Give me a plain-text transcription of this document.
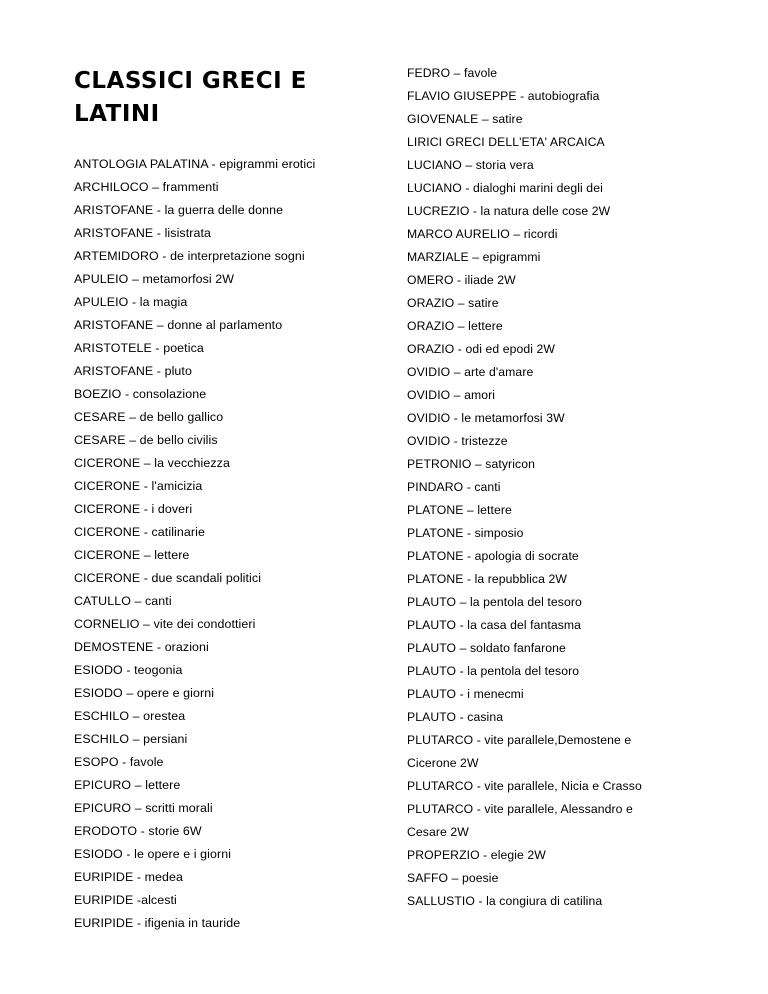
CLASSICI GRECI E LATINI
ANTOLOGIA PALATINA - epigrammi erotici
ARCHILOCO – frammenti
ARISTOFANE - la guerra delle donne
ARISTOFANE - lisistrata
ARTEMIDORO - de interpretazione sogni
APULEIO – metamorfosi 2W
APULEIO - la magia
ARISTOFANE – donne al parlamento
ARISTOTELE - poetica
ARISTOFANE - pluto
BOEZIO - consolazione
CESARE – de bello gallico
CESARE – de bello civilis
CICERONE – la vecchiezza
CICERONE - l'amicizia
CICERONE - i doveri
CICERONE - catilinarie
CICERONE – lettere
CICERONE - due scandali politici
CATULLO – canti
CORNELIO – vite dei condottieri
DEMOSTENE - orazioni
ESIODO - teogonia
ESIODO – opere e giorni
ESCHILO – orestea
ESCHILO – persiani
ESOPO - favole
EPICURO – lettere
EPICURO – scritti morali
ERODOTO - storie 6W
ESIODO - le opere e i giorni
EURIPIDE - medea
EURIPIDE -alcesti
EURIPIDE - ifigenia in tauride
FEDRO – favole
FLAVIO GIUSEPPE - autobiografia
GIOVENALE – satire
LIRICI GRECI DELL'ETA' ARCAICA
LUCIANO – storia vera
LUCIANO - dialoghi marini degli dei
LUCREZIO - la natura delle cose 2W
MARCO AURELIO – ricordi
MARZIALE – epigrammi
OMERO - iliade 2W
ORAZIO – satire
ORAZIO – lettere
ORAZIO - odi ed epodi 2W
OVIDIO – arte d'amare
OVIDIO – amori
OVIDIO - le metamorfosi 3W
OVIDIO - tristezze
PETRONIO – satyricon
PINDARO - canti
PLATONE – lettere
PLATONE - simposio
PLATONE - apologia di socrate
PLATONE - la repubblica 2W
PLAUTO – la pentola del tesoro
PLAUTO - la casa del fantasma
PLAUTO – soldato fanfarone
PLAUTO - la pentola del tesoro
PLAUTO - i menecmi
PLAUTO - casina
PLUTARCO - vite parallele,Demostene e
Cicerone 2W
PLUTARCO - vite parallele, Nicia e Crasso
PLUTARCO - vite parallele, Alessandro e
Cesare 2W
PROPERZIO - elegie 2W
SAFFO – poesie
SALLUSTIO - la congiura di catilina
